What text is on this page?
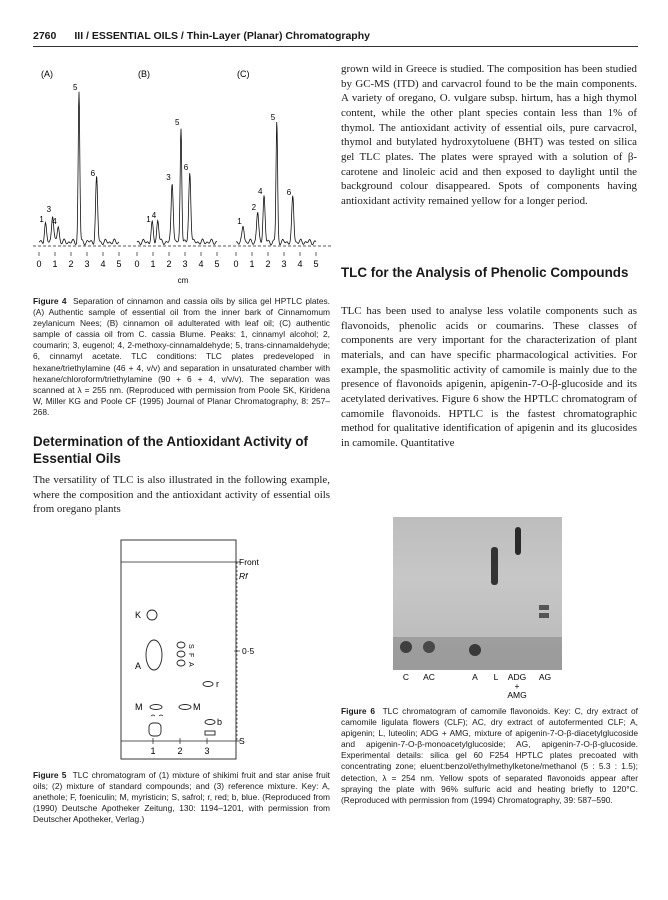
2760 III / ESSENTIAL OILS / Thin-Layer (Planar) Chromatography
(A)	(B)	(C)
1
3
4
5
6
1 4
3
5
6
1
2
4
5
6
0 1 2 3 4 5 0 1 2 3 4 5 0 1 2 3 4 5
cm
Figure 4 Separation of cinnamon and cassia oils by silica gel HPTLC plates. (A) Authentic sample of essential oil from the inner bark of Cinnamomum zeylanicum Nees; (B) cinnamon oil adulterated with leaf oil; (C) authentic sample of cassia oil from C. cassia Blume. Peaks: 1, cinnamyl alcohol; 2, coumarin; 3, eugenol; 4, 2-methoxy-cinnamaldehyde; 5, trans-cinnamaldehyde; 6, cinnamyl acetate. TLC conditions: TLC plates predeveloped in hexane/triethylamine (46 + 4, v/v) and separation in unsaturated chamber with hexane/chloroform/triethylamine (90 + 6 + 4, v/v/v). The separation was scanned at λ = 255 nm. (Reproduced with permission from Poole SK, Kiridena W, Miller KG and Poole CF (1995) Journal of Planar Chromatography, 8: 257–268.
Determination of the Antioxidant Activity of Essential Oils
The versatility of TLC is also illustrated in the following example, where the composition and the antioxidant activity of essential oils from oregano plants
Front
Rf
0·5
S
K
A
M
S
F
A
M
r
b
1 2 3
Figure 5 TLC chromatogram of (1) mixture of shikimi fruit and star anise fruit oils; (2) mixture of standard compounds; and (3) reference mixture. Key: A, anethole; F, foeniculin; M, myristicin; S, safrol; r, red; b, blue. (Reproduced from (1990) Deutsche Apotheker Zeitung, 130: 1194–1201, with permission from Deutscher Apotheker, Verlag.)
grown wild in Greece is studied. The composition has been studied by GC-MS (ITD) and carvacrol found to be the main components. A variety of oregano, O. vulgare subsp. hirtum, has a high thymol content, while the other plant species contain less than 1% of thymol. The antioxidant activity of essential oils, pure carvacrol, thymol and butylated hydroxytoluene (BHT) was tested on silica gel TLC plates. The plates were sprayed with a solution of β-carotene and linoleic acid and then exposed to daylight until the background colour disappeared. Spots of components having antioxidant activity remained yellow for a longer period.
TLC for the Analysis of Phenolic Compounds
TLC has been used to analyse less volatile components such as flavonoids, phenolic acids or coumarins. These classes of components are very important for the characterization of plant materials, and can have specific pharmacological activities. For example, the spasmolitic activity of camomile is mainly due to the presence of flavonoids apigenin, apigenin-7-O-β-glucoside and its acetylated derivatives. Figure 6 show the HPTLC chromatogram of camomile flavonoids. HPTLC is the fastest chromatographic method for qualitative identification of apigenin and its glucosides in camomile. Quantitative
C AC	A L ADG AG
+
AMG
Figure 6 TLC chromatogram of camomile flavonoids. Key: C, dry extract of camomile ligulata flowers (CLF); AC, dry extract of autofermented CLF; A, apigenin; L, luteolin; ADG + AMG, mixture of apigenin-7-O-β-diacetylglucoside and apigenin-7-O-β-monoacetylglucoside; AG, apigenin-7-O-β-glucoside. Experimental details: silica gel 60 F254 HPTLC plates precoated with concentrating zone; eluent:benzol/ethylmethylketone/methanol (5 : 5.3 : 1.5); detection, λ = 254 nm. Yellow spots of separated flavonoids appear after spraying the plate with 96% sulfuric acid and heating briefly to 120°C. (Reproduced with permission from (1994) Chromatography, 39: 587–590.
